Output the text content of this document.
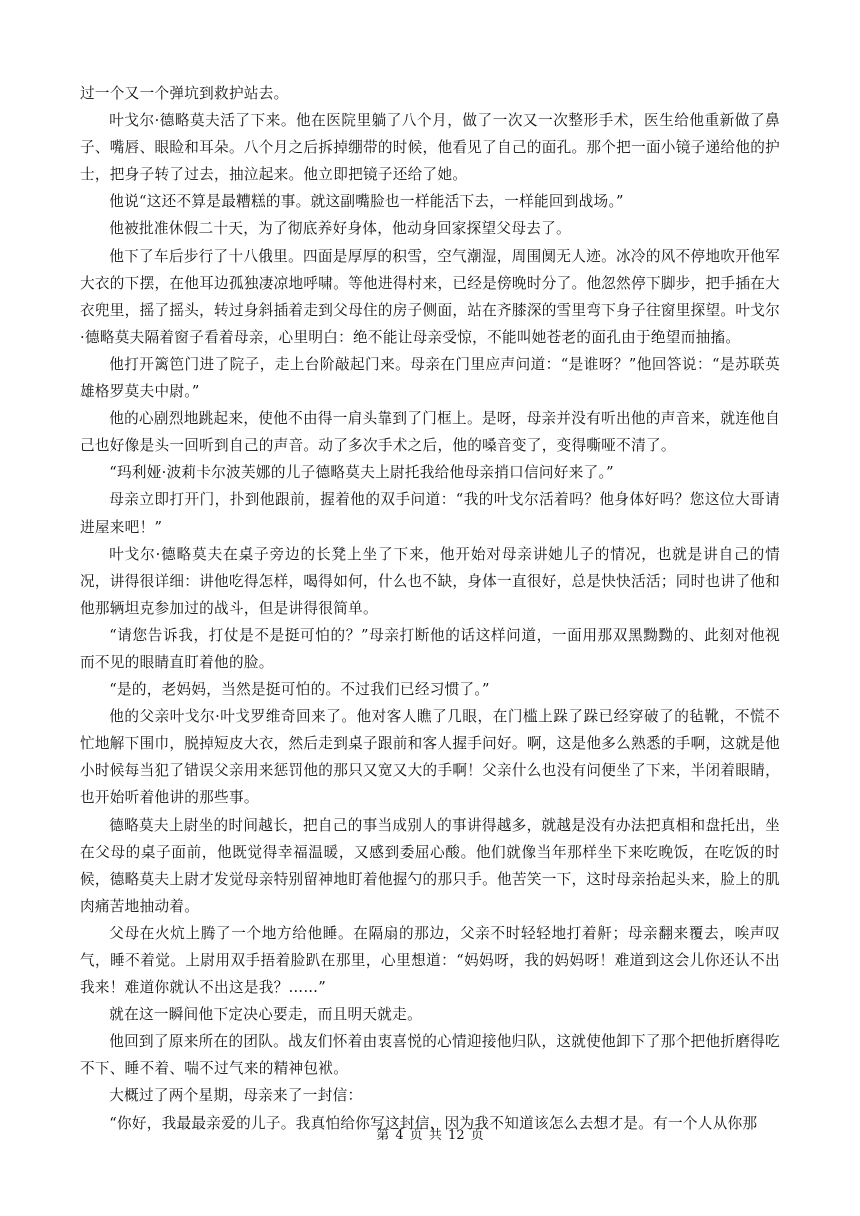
过一个又一个弹坑到救护站去。

叶戈尔·德略莫夫活了下来。他在医院里躺了八个月，做了一次又一次整形手术，医生给他重新做了鼻子、嘴唇、眼睑和耳朵。八个月之后拆掉绷带的时候，他看见了自己的面孔。那个把一面小镜子递给他的护士，把身子转了过去，抽泣起来。他立即把镜子还给了她。

他说“这还不算是最糟糕的事。就这副嘴脸也一样能活下去，一样能回到战场。”

他被批准休假二十天，为了彻底养好身体，他动身回家探望父母去了。

他下了车后步行了十八俄里。四面是厚厚的积雪，空气潮湿，周围阒无人迹。冰冷的风不停地吹开他军大衣的下摆，在他耳边孤独凄凉地呼啸。等他进得村来，已经是傍晚时分了。他忽然停下脚步，把手插在大衣兜里，摇了摇头，转过身斜插着走到父母住的房子侧面，站在齐膝深的雪里弯下身子往窗里探望。叶戈尔·德略莫夫隔着窗子看着母亲，心里明白：绝不能让母亲受惊，不能叫她苍老的面孔由于绝望而抽搐。

他打开篱笆门进了院子，走上台阶敲起门来。母亲在门里应声问道：“是谁呀？”他回答说：“是苏联英雄格罗莫夫中尉。”

他的心剧烈地跳起来，使他不由得一肩头靠到了门框上。是呀，母亲并没有听出他的声音来，就连他自己也好像是头一回听到自己的声音。动了多次手术之后，他的嗓音变了，变得嘶哑不清了。

“玛利娅·波莉卡尔波芙娜的儿子德略莫夫上尉托我给他母亲捎口信问好来了。”

母亲立即打开门，扑到他跟前，握着他的双手问道：“我的叶戈尔活着吗？他身体好吗？您这位大哥请进屋来吧！”

叶戈尔·德略莫夫在桌子旁边的长凳上坐了下来，他开始对母亲讲她儿子的情况，也就是讲自己的情况，讲得很详细：讲他吃得怎样，喝得如何，什么也不缺，身体一直很好，总是快快活活；同时也讲了他和他那辆坦克参加过的战斗，但是讲得很简单。

“请您告诉我，打仗是不是挺可怕的？”母亲打断他的话这样问道，一面用那双黑黝黝的、此刻对他视而不见的眼睛直盯着他的脸。

“是的，老妈妈，当然是挺可怕的。不过我们已经习惯了。”

他的父亲叶戈尔·叶戈罗维奇回来了。他对客人瞧了几眼，在门槛上跺了跺已经穿破了的毡靴，不慌不忙地解下围巾，脱掉短皮大衣，然后走到桌子跟前和客人握手问好。啊，这是他多么熟悉的手啊，这就是他小时候每当犯了错误父亲用来惩罚他的那只又宽又大的手啊！父亲什么也没有问便坐了下来，半闭着眼睛，也开始听着他讲的那些事。

德略莫夫上尉坐的时间越长，把自己的事当成别人的事讲得越多，就越是没有办法把真相和盘托出，坐在父母的桌子面前，他既觉得幸福温暖，又感到委屈心酸。他们就像当年那样坐下来吃晚饭，在吃饭的时候，德略莫夫上尉才发觉母亲特别留神地盯着他握勺的那只手。他苦笑一下，这时母亲抬起头来，脸上的肌肉痛苦地抽动着。

父母在火炕上腾了一个地方给他睡。在隔扇的那边，父亲不时轻轻地打着鼾；母亲翻来覆去，唉声叹气，睡不着觉。上尉用双手捂着脸趴在那里，心里想道：“妈妈呀，我的妈妈呀！难道到这会儿你还认不出我来！难道你就认不出这是我？……”

就在这一瞬间他下定决心要走，而且明天就走。

他回到了原来所在的团队。战友们怀着由衷喜悦的心情迎接他归队，这就使他卸下了那个把他折磨得吃不下、睡不着、喘不过气来的精神包袱。

大概过了两个星期，母亲来了一封信：

“你好，我最最亲爱的儿子。我真怕给你写这封信，因为我不知道该怎么去想才是。有一个人从你那

第 4 页 共 12 页
